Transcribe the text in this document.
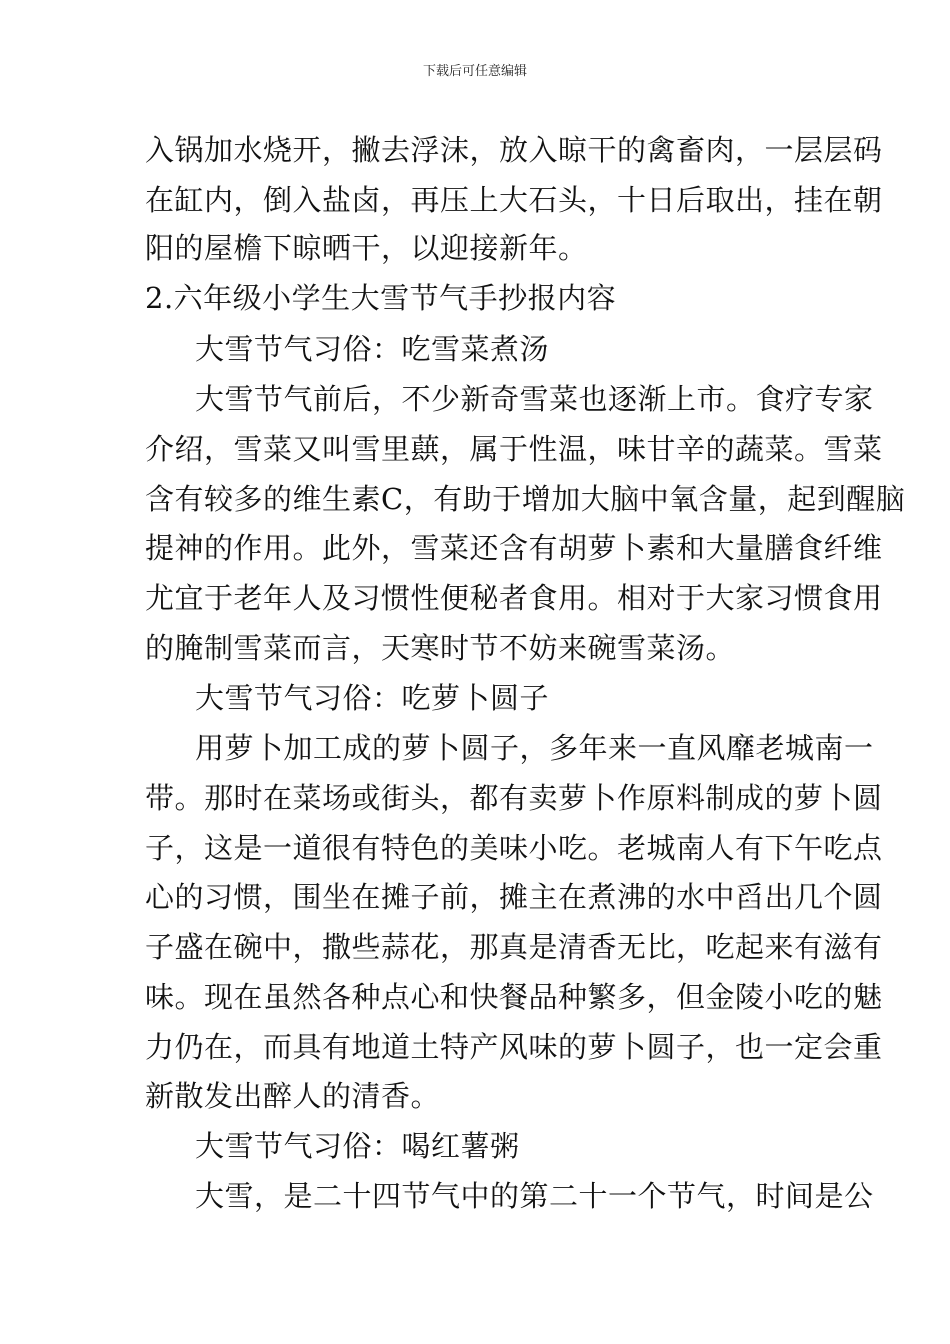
下载后可任意编辑
入锅加水烧开，撇去浮沫，放入晾干的禽畜肉，一层层码
在缸内，倒入盐卤，再压上大石头，十日后取出，挂在朝
阳的屋檐下晾晒干，以迎接新年。
2.六年级小学生大雪节气手抄报内容
大雪节气习俗：吃雪菜煮汤
大雪节气前后，不少新奇雪菜也逐渐上市。食疗专家
介绍，雪菜又叫雪里蕻，属于性温，味甘辛的蔬菜。雪菜
含有较多的维生素C，有助于增加大脑中氧含量，起到醒脑
提神的作用。此外，雪菜还含有胡萝卜素和大量膳食纤维
尤宜于老年人及习惯性便秘者食用。相对于大家习惯食用
的腌制雪菜而言，天寒时节不妨来碗雪菜汤。
大雪节气习俗：吃萝卜圆子
用萝卜加工成的萝卜圆子，多年来一直风靡老城南一
带。那时在菜场或街头，都有卖萝卜作原料制成的萝卜圆
子，这是一道很有特色的美味小吃。老城南人有下午吃点
心的习惯，围坐在摊子前，摊主在煮沸的水中舀出几个圆
子盛在碗中，撒些蒜花，那真是清香无比，吃起来有滋有
味。现在虽然各种点心和快餐品种繁多，但金陵小吃的魅
力仍在，而具有地道土特产风味的萝卜圆子，也一定会重
新散发出醉人的清香。
大雪节气习俗：喝红薯粥
大雪，是二十四节气中的第二十一个节气，时间是公
